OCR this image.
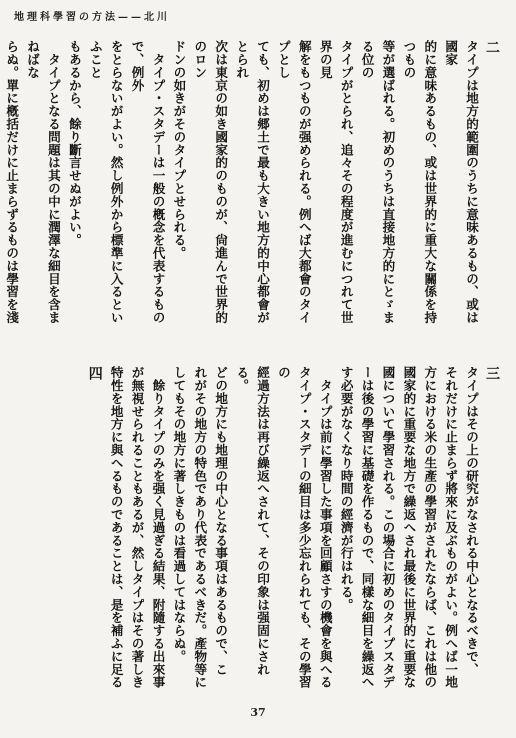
地理科學習の方法——北川

二

タイプは地方的範圍のうちに意味あるもの、或は國家

的に意味あるもの、或は世界的に重大な關係を持つもの

等が選ばれる。初めのうちは直接地方的にとゞまる位の

タイプがとられ、追々その程度が進むにつれて世界の見

解をもつものが强められる。例へば大都會のタイプとし

ても、初めは郷土で最も大きい地方的中心都會がとられ

次は東京の如き國家的のものが、尙進んで世界的のロン

ドンの如きがそのタイプとせられる。

　タイプ・スタデーは一般の槪念を代表するもので、例外

をとらないがよい。然し例外から標準に入るといふこと

もあるから、餘り斷言せぬがよい。

　タイプとなる問題は其の中に潤澤な細目を含まねばな

らぬ。單に槪括だけに止まらずるものは學習を淺

三

タイプはその上の研究がなされる中心となるべきで、

それだけに止まらず將來に及ぶものがよい。例へば一地

方における米の生產の學習がされたならば、これは他の

國家的に重要な地方で繰返へされ最後に世界的に重要な

國について學習される。この場合に初めのタイプスタデ

ーは後の學習に基礎を作るもので、同樣な細目を繰返へ

す必要がなくなり時間の經濟が行はれる。

　タイプは前に學習した事項を回顧さすの機會を與へる

タイプ・スタデーの細目は多少忘れられても、その學習の

經過方法は再び繰返へされて、その印象は强固にされる。

どの地方にも地理の中心となる事項はあるもので、こ

れがその地方の特色であり代表であるべきだ。產物等に

してもその地方に著しきものは看過してはならぬ。

　餘りタイプのみを强く見過ぎる結果、附隨する出來事

が無視せられることもあるが、然しタイプはその著しき

特性を地方に與へるものであることは、是を補ふに足る

四

37
